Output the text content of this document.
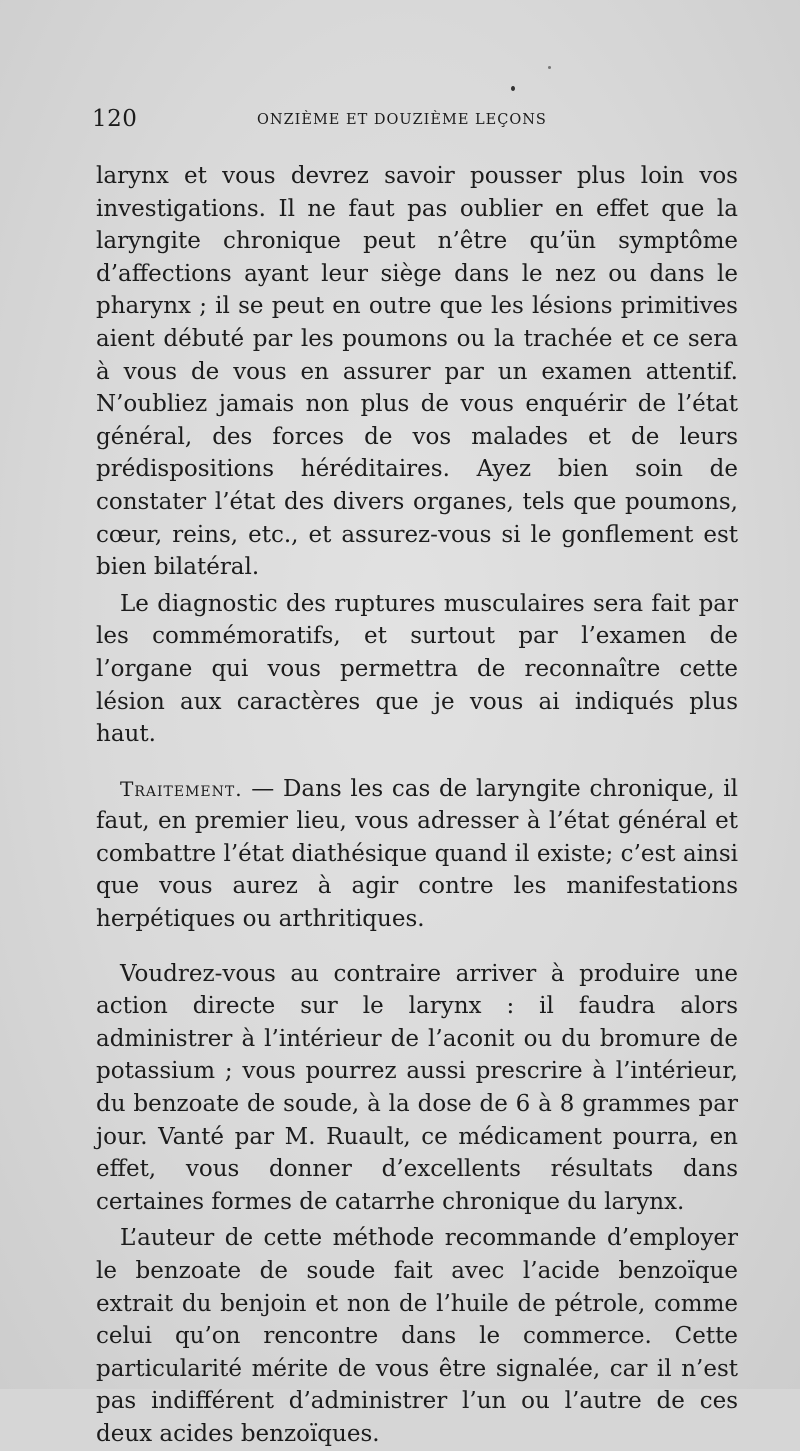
120	ONZIÈME ET DOUZIÈME LEÇONS

larynx et vous devrez savoir pousser plus loin vos investigations. Il ne faut pas oublier en effet que la laryngite chronique peut n’être qu’ün symptôme d’affections ayant leur siège dans le nez ou dans le pharynx ; il se peut en outre que les lésions primitives aient débuté par les poumons ou la trachée et ce sera à vous de vous en assurer par un examen attentif. N’oubliez jamais non plus de vous enquérir de l’état général, des forces de vos malades et de leurs prédispositions héréditaires. Ayez bien soin de constater l’état des divers organes, tels que poumons, cœur, reins, etc., et assurez-vous si le gonflement est bien bilatéral.

Le diagnostic des ruptures musculaires sera fait par les commémoratifs, et surtout par l’examen de l’organe qui vous permettra de reconnaître cette lésion aux caractères que je vous ai indiqués plus haut.

Traitement. — Dans les cas de laryngite chronique, il faut, en premier lieu, vous adresser à l’état général et combattre l’état diathésique quand il existe; c’est ainsi que vous aurez à agir contre les manifestations herpétiques ou arthritiques.

Voudrez-vous au contraire arriver à produire une action directe sur le larynx : il faudra alors administrer à l’intérieur de l’aconit ou du bromure de potassium ; vous pourrez aussi prescrire à l’intérieur, du benzoate de soude, à la dose de 6 à 8 grammes par jour. Vanté par M. Ruault, ce médicament pourra, en effet, vous donner d’excellents résultats dans certaines formes de catarrhe chronique du larynx.

L’auteur de cette méthode recommande d’employer le benzoate de soude fait avec l’acide benzoïque extrait du benjoin et non de l’huile de pétrole, comme celui qu’on rencontre dans le commerce. Cette particularité mérite de vous être signalée, car il n’est pas indifférent d’administrer l’un ou l’autre de ces deux acides benzoïques.
